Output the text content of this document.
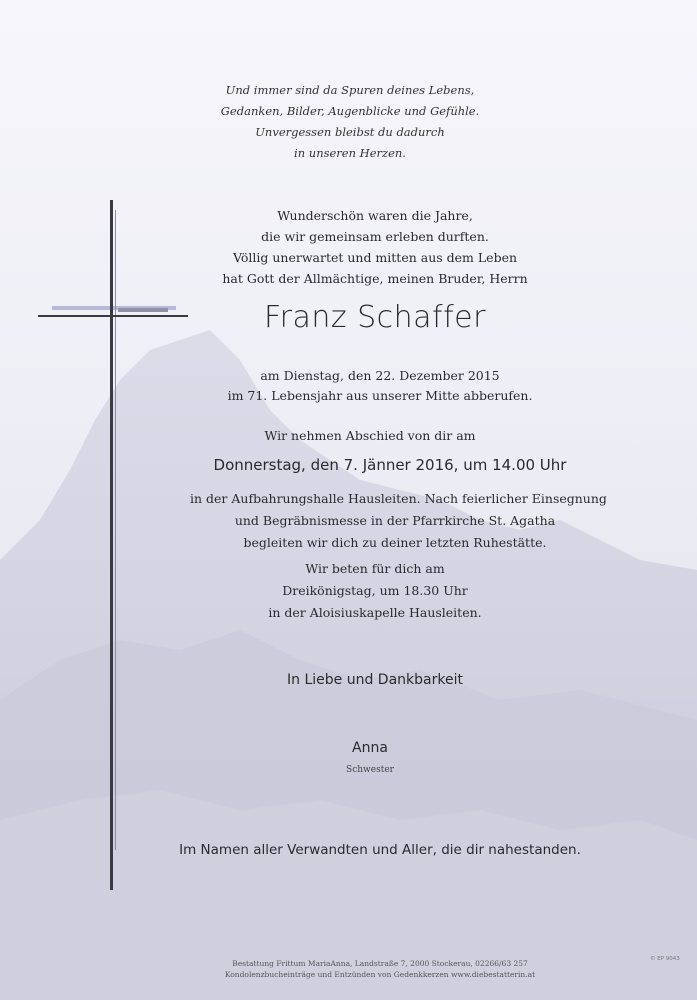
Und immer sind da Spuren deines Lebens,
Gedanken, Bilder, Augenblicke und Gefühle.
Unvergessen bleibst du dadurch
in unseren Herzen.
Wunderschön waren die Jahre,
die wir gemeinsam erleben durften.
Völlig unerwartet und mitten aus dem Leben
hat Gott der Allmächtige, meinen Bruder, Herrn
Franz Schaffer
am Dienstag, den 22. Dezember 2015
im 71. Lebensjahr aus unserer Mitte abberufen.
Wir nehmen Abschied von dir am
Donnerstag, den 7. Jänner 2016, um 14.00 Uhr
in der Aufbahrungshalle Hausleiten. Nach feierlicher Einsegnung
und Begräbnismesse in der Pfarrkirche St. Agatha
begleiten wir dich zu deiner letzten Ruhestätte.
Wir beten für dich am
Dreikönigstag, um 18.30 Uhr
in der Aloisiuskapelle Hausleiten.
In Liebe und Dankbarkeit
Anna
Schwester
Im Namen aller Verwandten und Aller, die dir nahestanden.
Bestattung Frittum MariaAnna, Landstraße 7, 2000 Stockerau, 02266/63 257
Kondolenzbucheinträge und Entzünden von Gedenkkerzen www.diebestatterin.at
© EP 9043
